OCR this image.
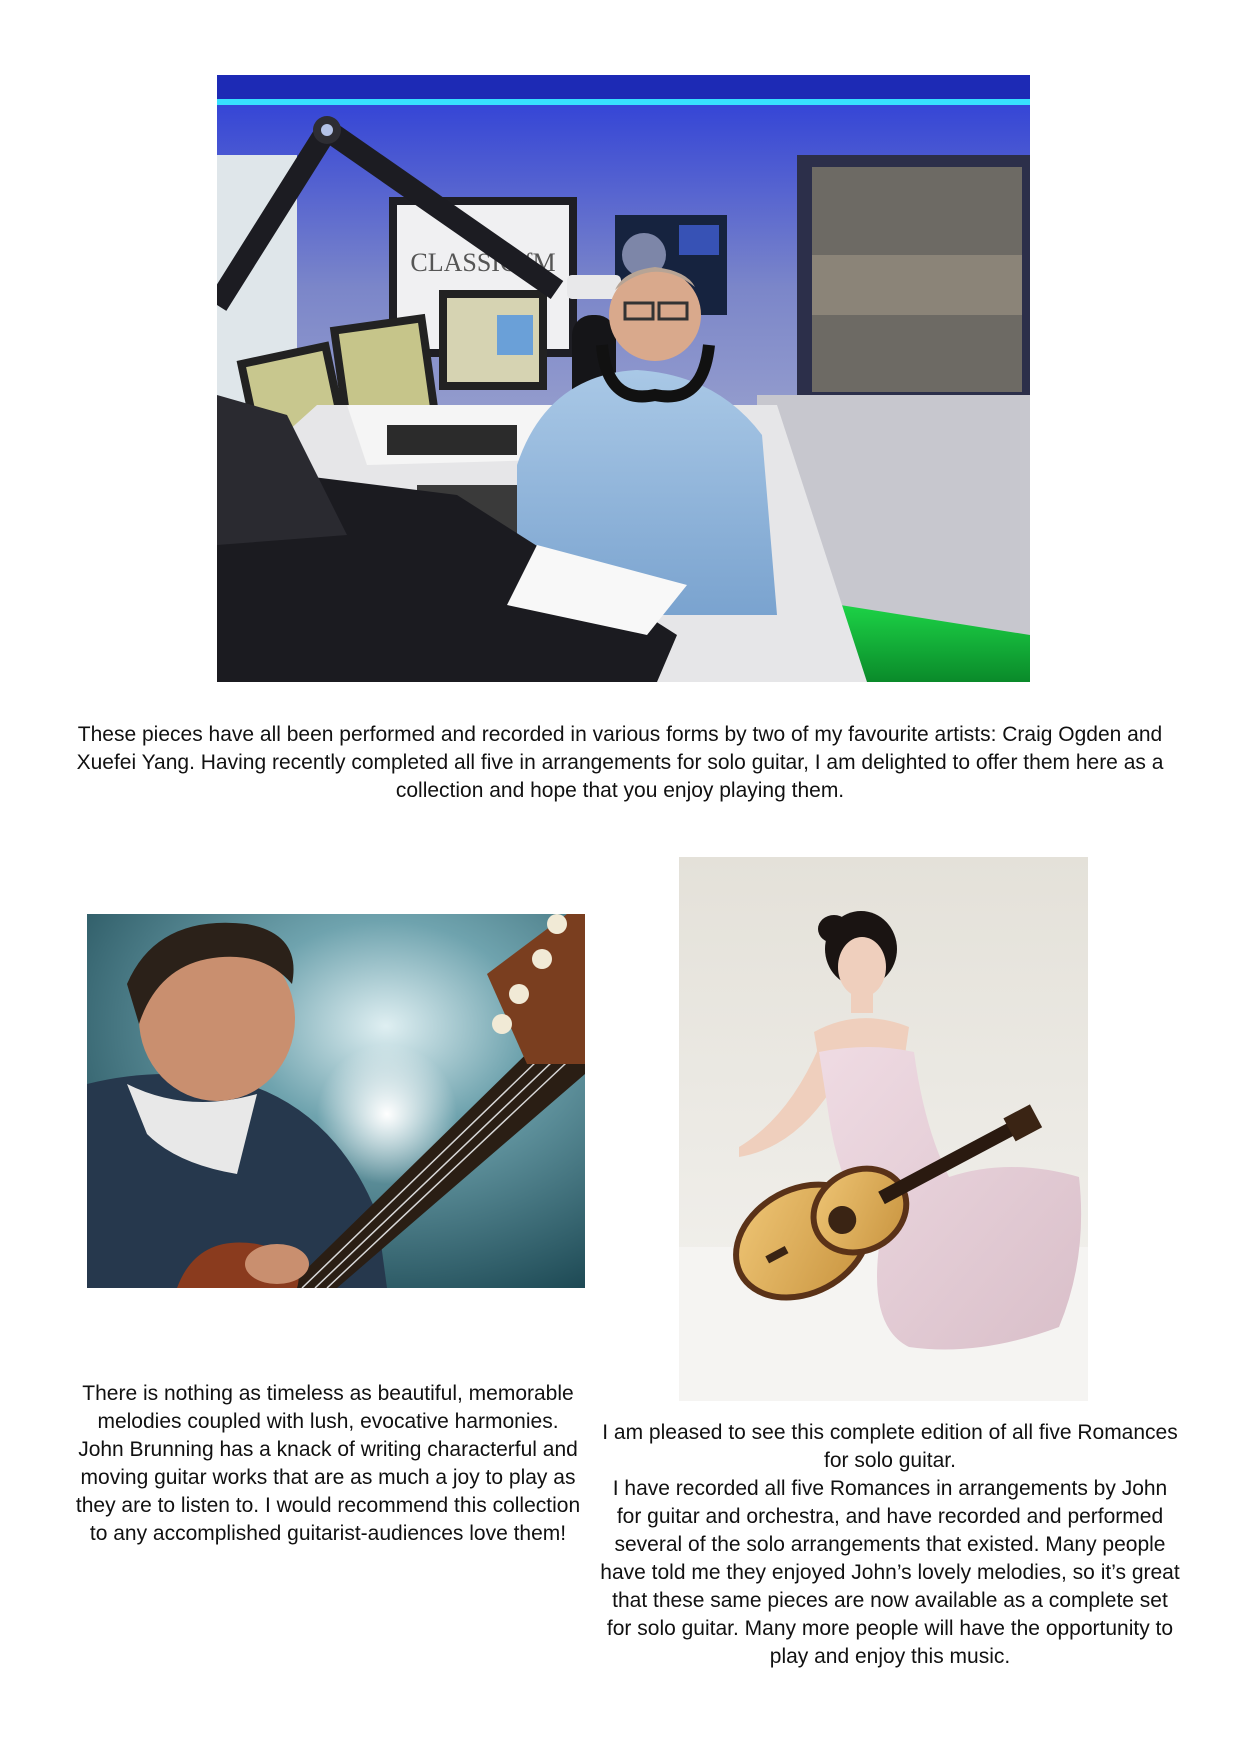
CLASSIC fM

These pieces have all been performed and recorded in various forms by two of my favourite artists: Craig Ogden and Xuefei Yang. Having recently completed all five in arrangements for solo guitar, I am delighted to offer them here as a collection and hope that you enjoy playing them.

There is nothing as timeless as beautiful, memorable melodies coupled with lush, evocative harmonies. John Brunning has a knack of writing characterful and moving guitar works that are as much a joy to play as they are to listen to. I would recommend this collection to any accomplished guitarist-audiences love them!

I am pleased to see this complete edition of all five Romances for solo guitar.

I have recorded all five Romances in arrangements by John for guitar and orchestra, and have recorded and performed several of the solo arrangements that existed. Many people have told me they enjoyed John’s lovely melodies, so it’s great that these same pieces are now available as a complete set for solo guitar. Many more people will have the opportunity to play and enjoy this music.
